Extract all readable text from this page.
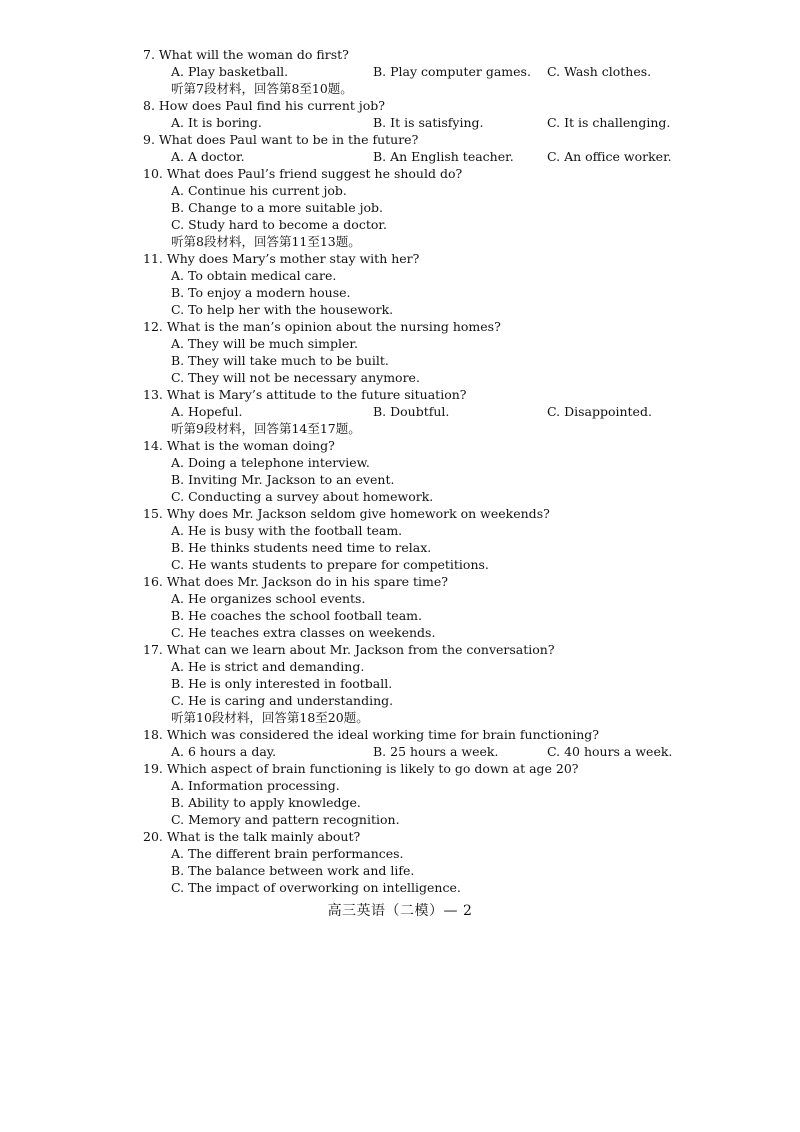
7. What will the woman do first?
A. Play basketball.	B. Play computer games. C. Wash clothes.
听第7段材料，回答第8至10题。
8. How does Paul find his current job?
A. It is boring.	B. It is satisfying.	C. It is challenging.
9. What does Paul want to be in the future?
A. A doctor.	B. An English teacher.	C. An office worker.
10. What does Paul’s friend suggest he should do?
A. Continue his current job.
B. Change to a more suitable job.
C. Study hard to become a doctor.
听第8段材料，回答第11至13题。
11. Why does Mary’s mother stay with her?
A. To obtain medical care.
B. To enjoy a modern house.
C. To help her with the housework.
12. What is the man’s opinion about the nursing homes?
A. They will be much simpler.
B. They will take much to be built.
C. They will not be necessary anymore.
13. What is Mary’s attitude to the future situation?
A. Hopeful.	B. Doubtful.	C. Disappointed.
听第9段材料，回答第14至17题。
14. What is the woman doing?
A. Doing a telephone interview.
B. Inviting Mr. Jackson to an event.
C. Conducting a survey about homework.
15. Why does Mr. Jackson seldom give homework on weekends?
A. He is busy with the football team.
B. He thinks students need time to relax.
C. He wants students to prepare for competitions.
16. What does Mr. Jackson do in his spare time?
A. He organizes school events.
B. He coaches the school football team.
C. He teaches extra classes on weekends.
17. What can we learn about Mr. Jackson from the conversation?
A. He is strict and demanding.
B. He is only interested in football.
C. He is caring and understanding.
听第10段材料，回答第18至20题。
18. Which was considered the ideal working time for brain functioning?
A. 6 hours a day.	B. 25 hours a week.	C. 40 hours a week.
19. Which aspect of brain functioning is likely to go down at age 20?
A. Information processing.
B. Ability to apply knowledge.
C. Memory and pattern recognition.
20. What is the talk mainly about?
A. The different brain performances.
B. The balance between work and life.
C. The impact of overworking on intelligence.
高三英语（二模）— 2
